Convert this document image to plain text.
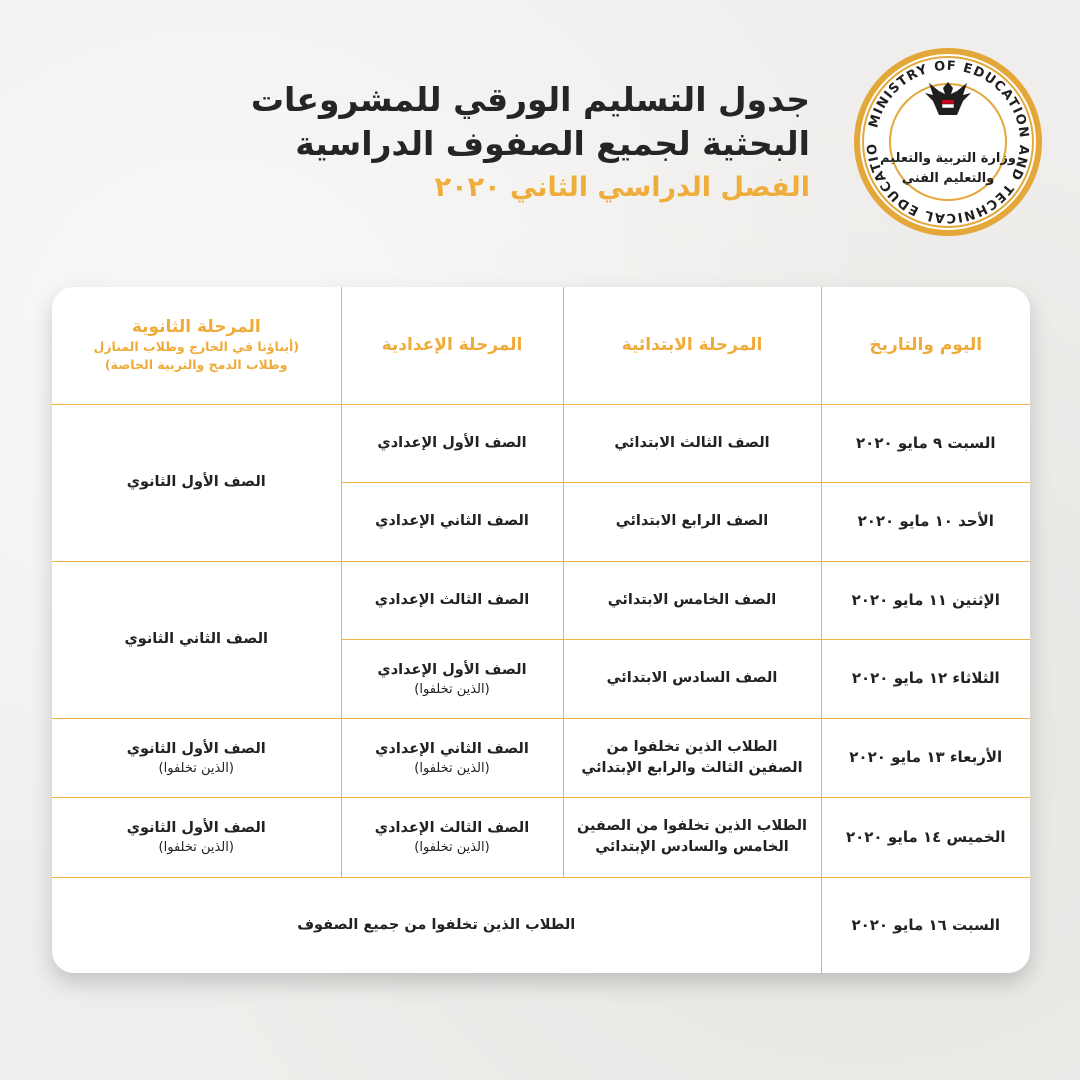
جدول التسليم الورقي للمشروعات
البحثية لجميع الصفوف الدراسية
الفصل الدراسي الثاني ٢٠٢٠
MINISTRY OF EDUCATION AND TECHNICAL EDUCATIO
وزارة التربية والتعليم
والتعليم الفني
اليوم والتاريخ	المرحلة الابتدائية	المرحلة الإعدادية	المرحلة الثانوية
(أبناؤنا في الخارج وطلاب المنازل
وطلاب الدمج والتربية الخاصة)

السبت ٩ مايو ٢٠٢٠	الصف الثالث الابتدائي	الصف الأول الإعدادي	الصف الأول الثانوي
الأحد ١٠ مايو ٢٠٢٠	الصف الرابع الابتدائي	الصف الثاني الإعدادي	
الإثنين ١١ مايو ٢٠٢٠	الصف الخامس الابتدائي	الصف الثالث الإعدادي	الصف الثاني الثانوي
الثلاثاء ١٢ مايو ٢٠٢٠	الصف السادس الابتدائي	الصف الأول الإعدادي
(الذين تخلفوا)	

الأربعاء ١٣ مايو ٢٠٢٠	الطلاب الذين تخلفوا من
الصفين الثالث والرابع الإبتدائي	الصف الثاني الإعدادي
(الذين تخلفوا)	الصف الأول الثانوي
(الذين تخلفوا)

الخميس ١٤ مايو ٢٠٢٠	الطلاب الذين تخلفوا من الصفين
الخامس والسادس الإبتدائي	الصف الثالث الإعدادي
(الذين تخلفوا)	الصف الأول الثانوي
(الذين تخلفوا)

السبت ١٦ مايو ٢٠٢٠	الطلاب الذين تخلفوا من جميع الصفوف		
